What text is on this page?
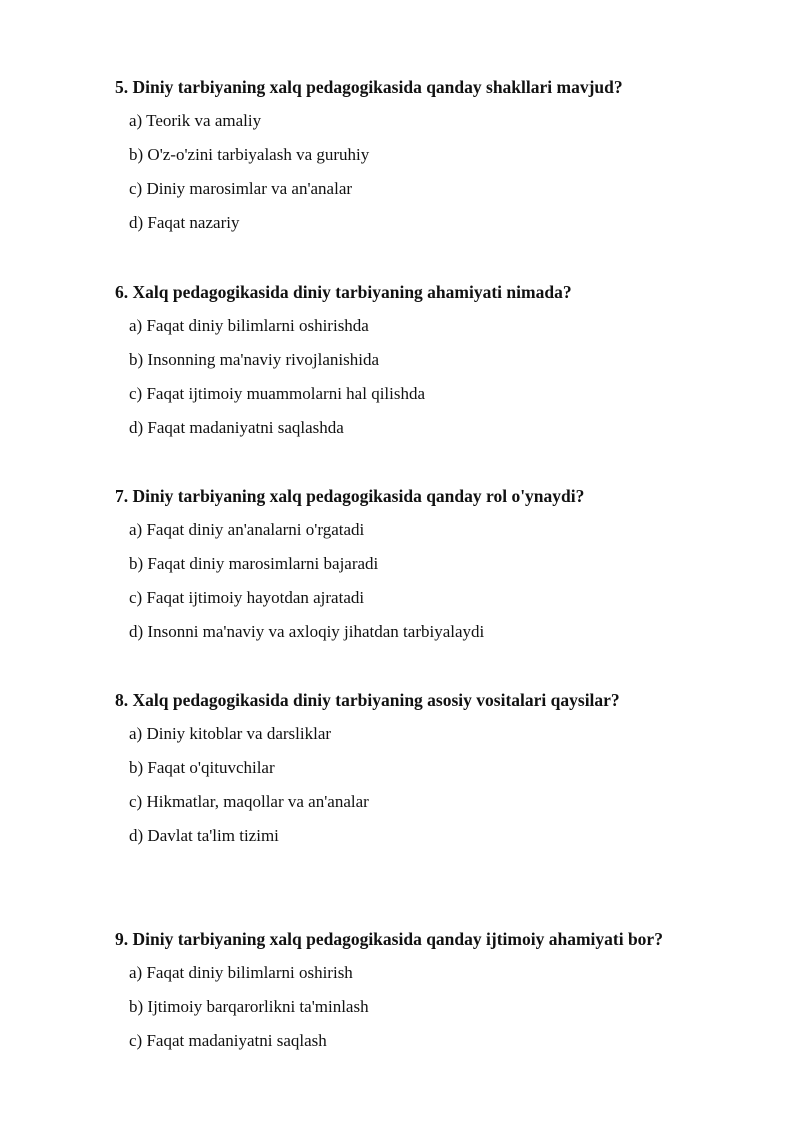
5. Diniy tarbiyaning xalq pedagogikasida qanday shakllari mavjud?

a) Teorik va amaliy
b) O'z-o'zini tarbiyalash va guruhiy
c) Diniy marosimlar va an'analar
d) Faqat nazariy

6. Xalq pedagogikasida diniy tarbiyaning ahamiyati nimada?

a) Faqat diniy bilimlarni oshirishda
b) Insonning ma'naviy rivojlanishida
c) Faqat ijtimoiy muammolarni hal qilishda
d) Faqat madaniyatni saqlashda

7. Diniy tarbiyaning xalq pedagogikasida qanday rol o'ynaydi?

a) Faqat diniy an'analarni o'rgatadi
b) Faqat diniy marosimlarni bajaradi
c) Faqat ijtimoiy hayotdan ajratadi
d) Insonni ma'naviy va axloqiy jihatdan tarbiyalaydi

8. Xalq pedagogikasida diniy tarbiyaning asosiy vositalari qaysilar?

a) Diniy kitoblar va darsliklar
b) Faqat o'qituvchilar
c) Hikmatlar, maqollar va an'analar
d) Davlat ta'lim tizimi

9. Diniy tarbiyaning xalq pedagogikasida qanday ijtimoiy ahamiyati bor?

a) Faqat diniy bilimlarni oshirish
b) Ijtimoiy barqarorlikni ta'minlash
c) Faqat madaniyatni saqlash
